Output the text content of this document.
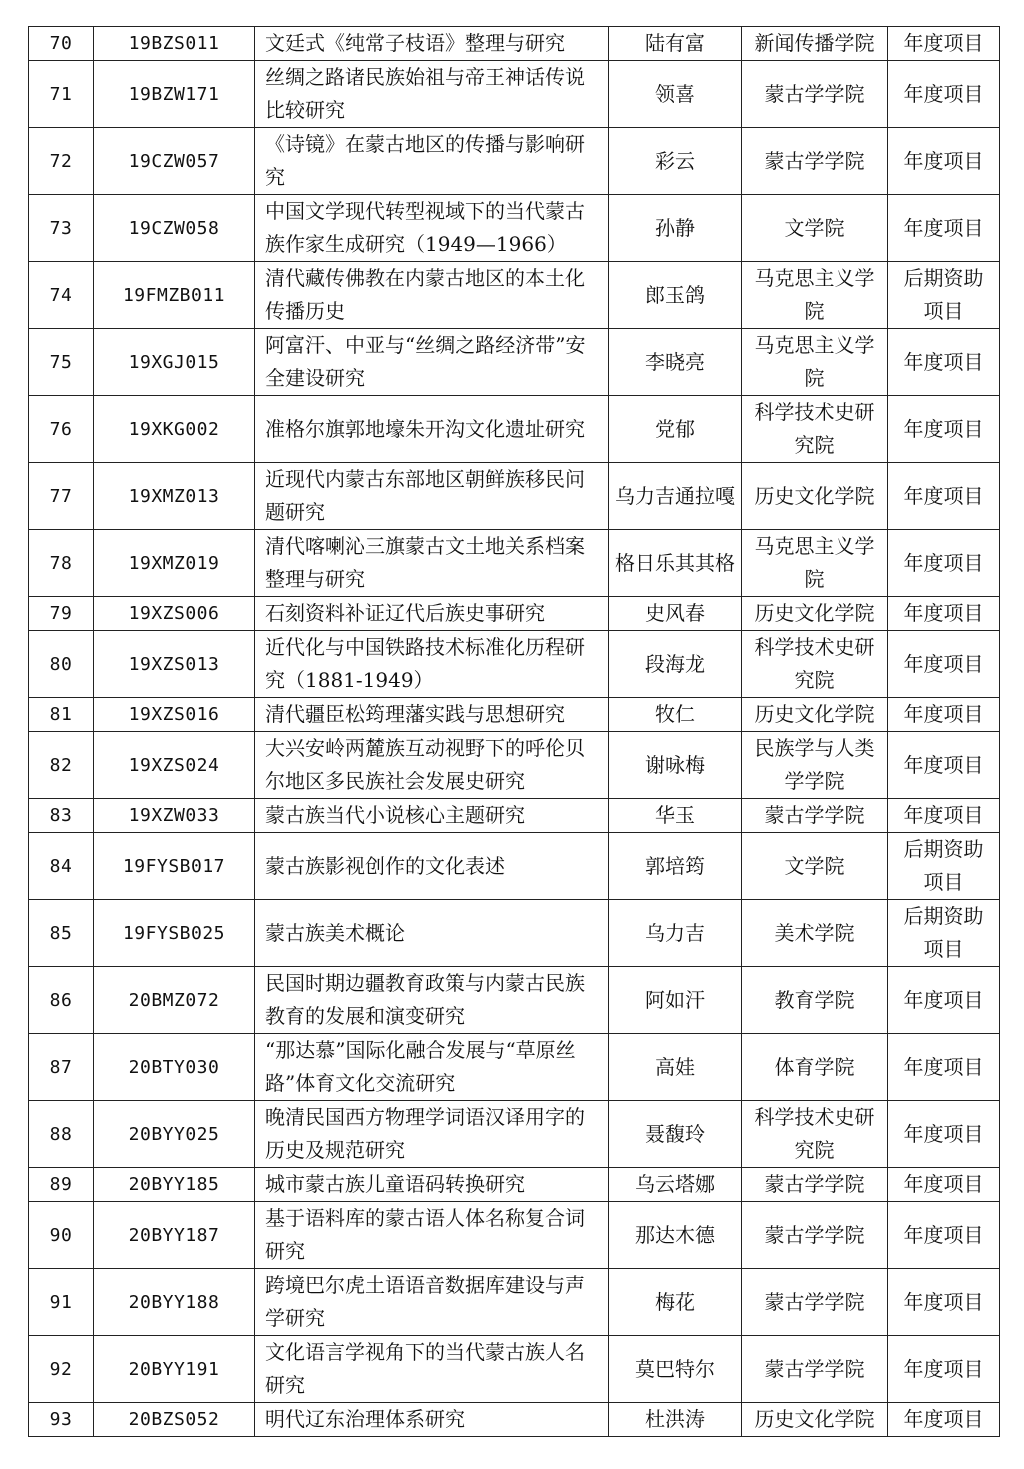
70	19BZS011	文廷式《纯常子枝语》整理与研究	陆有富	新闻传播学院	年度项目
71	19BZW171	丝绸之路诸民族始祖与帝王神话传说比较研究	领喜	蒙古学学院	年度项目
72	19CZW057	《诗镜》在蒙古地区的传播与影响研究	彩云	蒙古学学院	年度项目
73	19CZW058	中国文学现代转型视域下的当代蒙古族作家生成研究（1949—1966）	孙静	文学院	年度项目
74	19FMZB011	清代藏传佛教在内蒙古地区的本土化传播历史	郎玉鸽	马克思主义学院	后期资助项目
75	19XGJ015	阿富汗、中亚与“丝绸之路经济带”安全建设研究	李晓亮	马克思主义学院	年度项目
76	19XKG002	准格尔旗郭地壕朱开沟文化遗址研究	党郁	科学技术史研究院	年度项目
77	19XMZ013	近现代内蒙古东部地区朝鲜族移民问题研究	乌力吉通拉嘎	历史文化学院	年度项目
78	19XMZ019	清代喀喇沁三旗蒙古文土地关系档案整理与研究	格日乐其其格	马克思主义学院	年度项目
79	19XZS006	石刻资料补证辽代后族史事研究	史风春	历史文化学院	年度项目
80	19XZS013	近代化与中国铁路技术标准化历程研究（1881-1949）	段海龙	科学技术史研究院	年度项目
81	19XZS016	清代疆臣松筠理藩实践与思想研究	牧仁	历史文化学院	年度项目
82	19XZS024	大兴安岭两麓族互动视野下的呼伦贝尔地区多民族社会发展史研究	谢咏梅	民族学与人类学学院	年度项目
83	19XZW033	蒙古族当代小说核心主题研究	华玉	蒙古学学院	年度项目
84	19FYSB017	蒙古族影视创作的文化表述	郭培筠	文学院	后期资助项目
85	19FYSB025	蒙古族美术概论	乌力吉	美术学院	后期资助项目
86	20BMZ072	民国时期边疆教育政策与内蒙古民族教育的发展和演变研究	阿如汗	教育学院	年度项目
87	20BTY030	“那达慕”国际化融合发展与“草原丝路”体育文化交流研究	高娃	体育学院	年度项目
88	20BYY025	晚清民国西方物理学词语汉译用字的历史及规范研究	聂馥玲	科学技术史研究院	年度项目
89	20BYY185	城市蒙古族儿童语码转换研究	乌云塔娜	蒙古学学院	年度项目
90	20BYY187	基于语料库的蒙古语人体名称复合词研究	那达木德	蒙古学学院	年度项目
91	20BYY188	跨境巴尔虎土语语音数据库建设与声学研究	梅花	蒙古学学院	年度项目
92	20BYY191	文化语言学视角下的当代蒙古族人名研究	莫巴特尔	蒙古学学院	年度项目
93	20BZS052	明代辽东治理体系研究	杜洪涛	历史文化学院	年度项目
